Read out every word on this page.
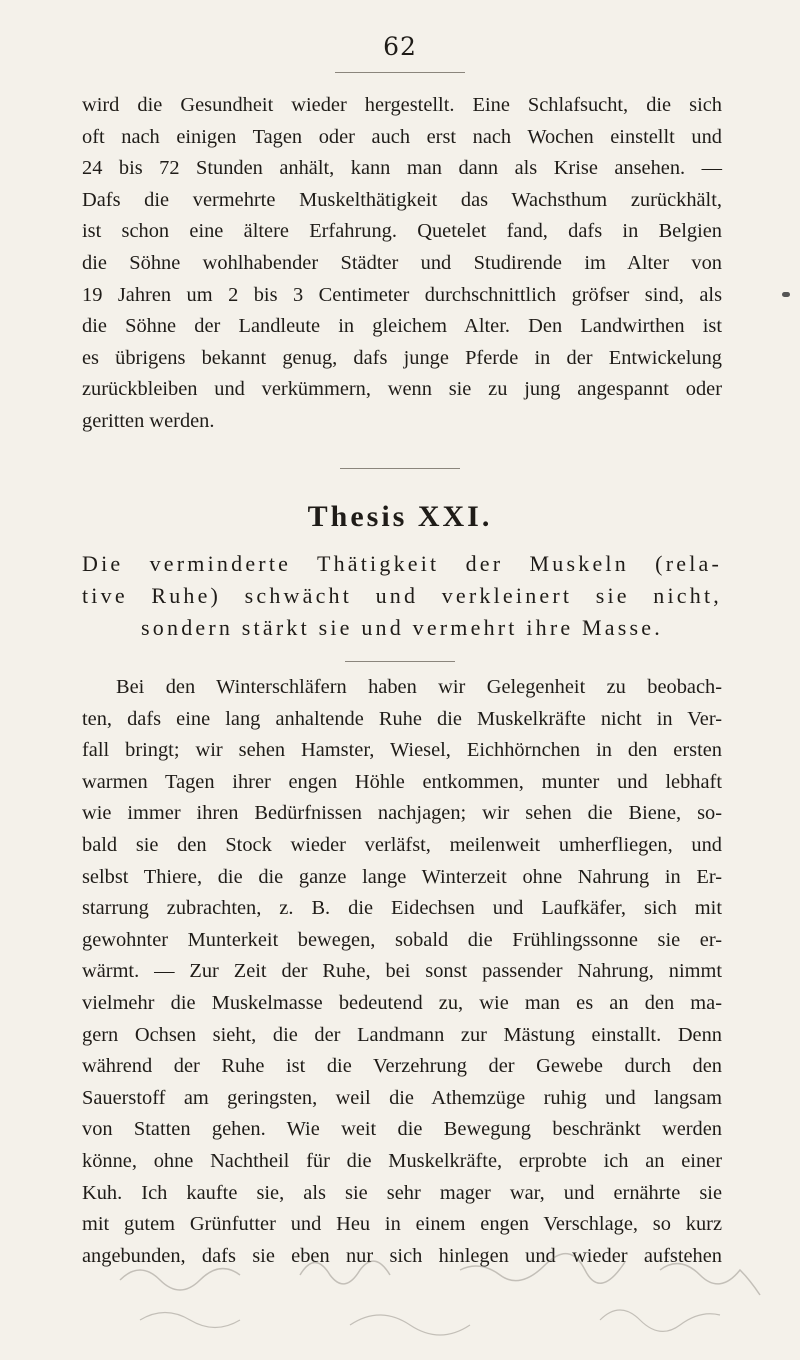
62
wird die Gesundheit wieder hergestellt. Eine Schlafsucht, die sich
oft nach einigen Tagen oder auch erst nach Wochen einstellt und
24 bis 72 Stunden anhält, kann man dann als Krise ansehen. —
Dafs die vermehrte Muskelthätigkeit das Wachsthum zurückhält,
ist schon eine ältere Erfahrung. Quetelet fand, dafs in Belgien
die Söhne wohlhabender Städter und Studirende im Alter von
19 Jahren um 2 bis 3 Centimeter durchschnittlich gröfser sind, als
die Söhne der Landleute in gleichem Alter. Den Landwirthen ist
es übrigens bekannt genug, dafs junge Pferde in der Entwickelung
zurückbleiben und verkümmern, wenn sie zu jung angespannt oder
geritten werden.
Thesis XXI.
Die verminderte Thätigkeit der Muskeln (rela-
tive Ruhe) schwächt und verkleinert sie nicht,
sondern stärkt sie und vermehrt ihre Masse.
Bei den Winterschläfern haben wir Gelegenheit zu beobach-
ten, dafs eine lang anhaltende Ruhe die Muskelkräfte nicht in Ver-
fall bringt; wir sehen Hamster, Wiesel, Eichhörnchen in den ersten
warmen Tagen ihrer engen Höhle entkommen, munter und lebhaft
wie immer ihren Bedürfnissen nachjagen; wir sehen die Biene, so-
bald sie den Stock wieder verläfst, meilenweit umherfliegen, und
selbst Thiere, die die ganze lange Winterzeit ohne Nahrung in Er-
starrung zubrachten, z. B. die Eidechsen und Laufkäfer, sich mit
gewohnter Munterkeit bewegen, sobald die Frühlingssonne sie er-
wärmt. — Zur Zeit der Ruhe, bei sonst passender Nahrung, nimmt
vielmehr die Muskelmasse bedeutend zu, wie man es an den ma-
gern Ochsen sieht, die der Landmann zur Mästung einstallt. Denn
während der Ruhe ist die Verzehrung der Gewebe durch den
Sauerstoff am geringsten, weil die Athemzüge ruhig und langsam
von Statten gehen. Wie weit die Bewegung beschränkt werden
könne, ohne Nachtheil für die Muskelkräfte, erprobte ich an einer
Kuh. Ich kaufte sie, als sie sehr mager war, und ernährte sie
mit gutem Grünfutter und Heu in einem engen Verschlage, so kurz
angebunden, dafs sie eben nur sich hinlegen und wieder aufstehen
